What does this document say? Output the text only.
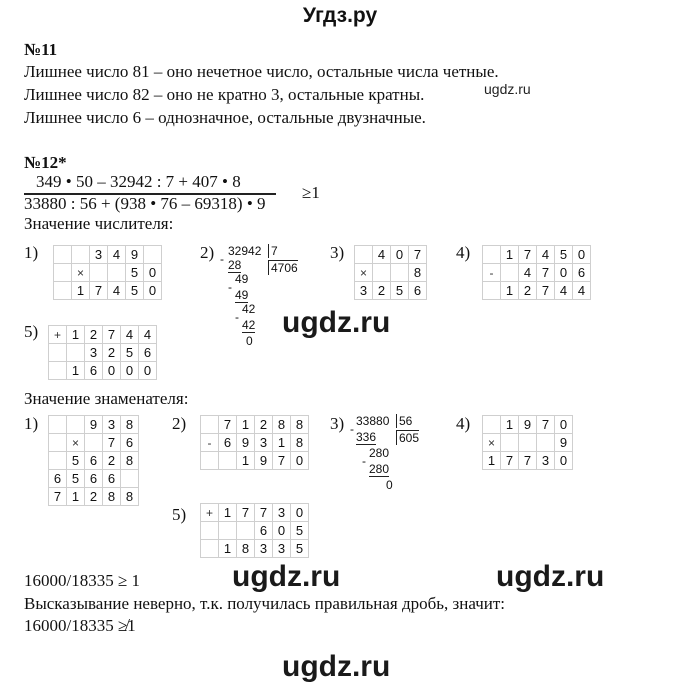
Угдз.ру
№11
Лишнее число 81 – оно нечетное число, остальные числа четные.
Лишнее число 82 – оно не кратно 3, остальные кратны.	ugdz.ru
Лишнее число 6 – однозначное, остальные двузначные.
№12*
349 • 50 – 32942 : 7 + 407 • 8
33880 : 56 + (938 • 76 – 69318) • 9
≥1
Значение числителя:
1)
			3	4	9	
	×			5	0
	1	7	4	5	0
2) 32942 7
4706
- 28
49
-
49
42
-
42
0
3)
		4	0	7
×			8
3	2	5	6
4)
		1	7	4	5	0
-		4	7	0	6
	1	2	7	4	4
5) +	1	2	7	4	4
		3	2	5	6
	1	6	0	0	0
ugdz.ru
Значение знаменателя:
1)
			9	3	8
	×		7	6
	5	6	2	8
6	5	6	6	
7	1	2	8	8
2)
		7	1	2	8	8
-	6	9	3	1	8
		1	9	7	0
3) 33880 56
605
-
336
280
-
280
0
4)
		1	9	7	0
×				9
1	7	7	3	0
5) +	1	7	7	3	0
			6	0	5
	1	8	3	3	5
16000/18335 ≥ 1	ugdz.ru	ugdz.ru
Высказывание неверно, т.к. получилась правильная дробь, значит:
16000/18335 ≱1
ugdz.ru
